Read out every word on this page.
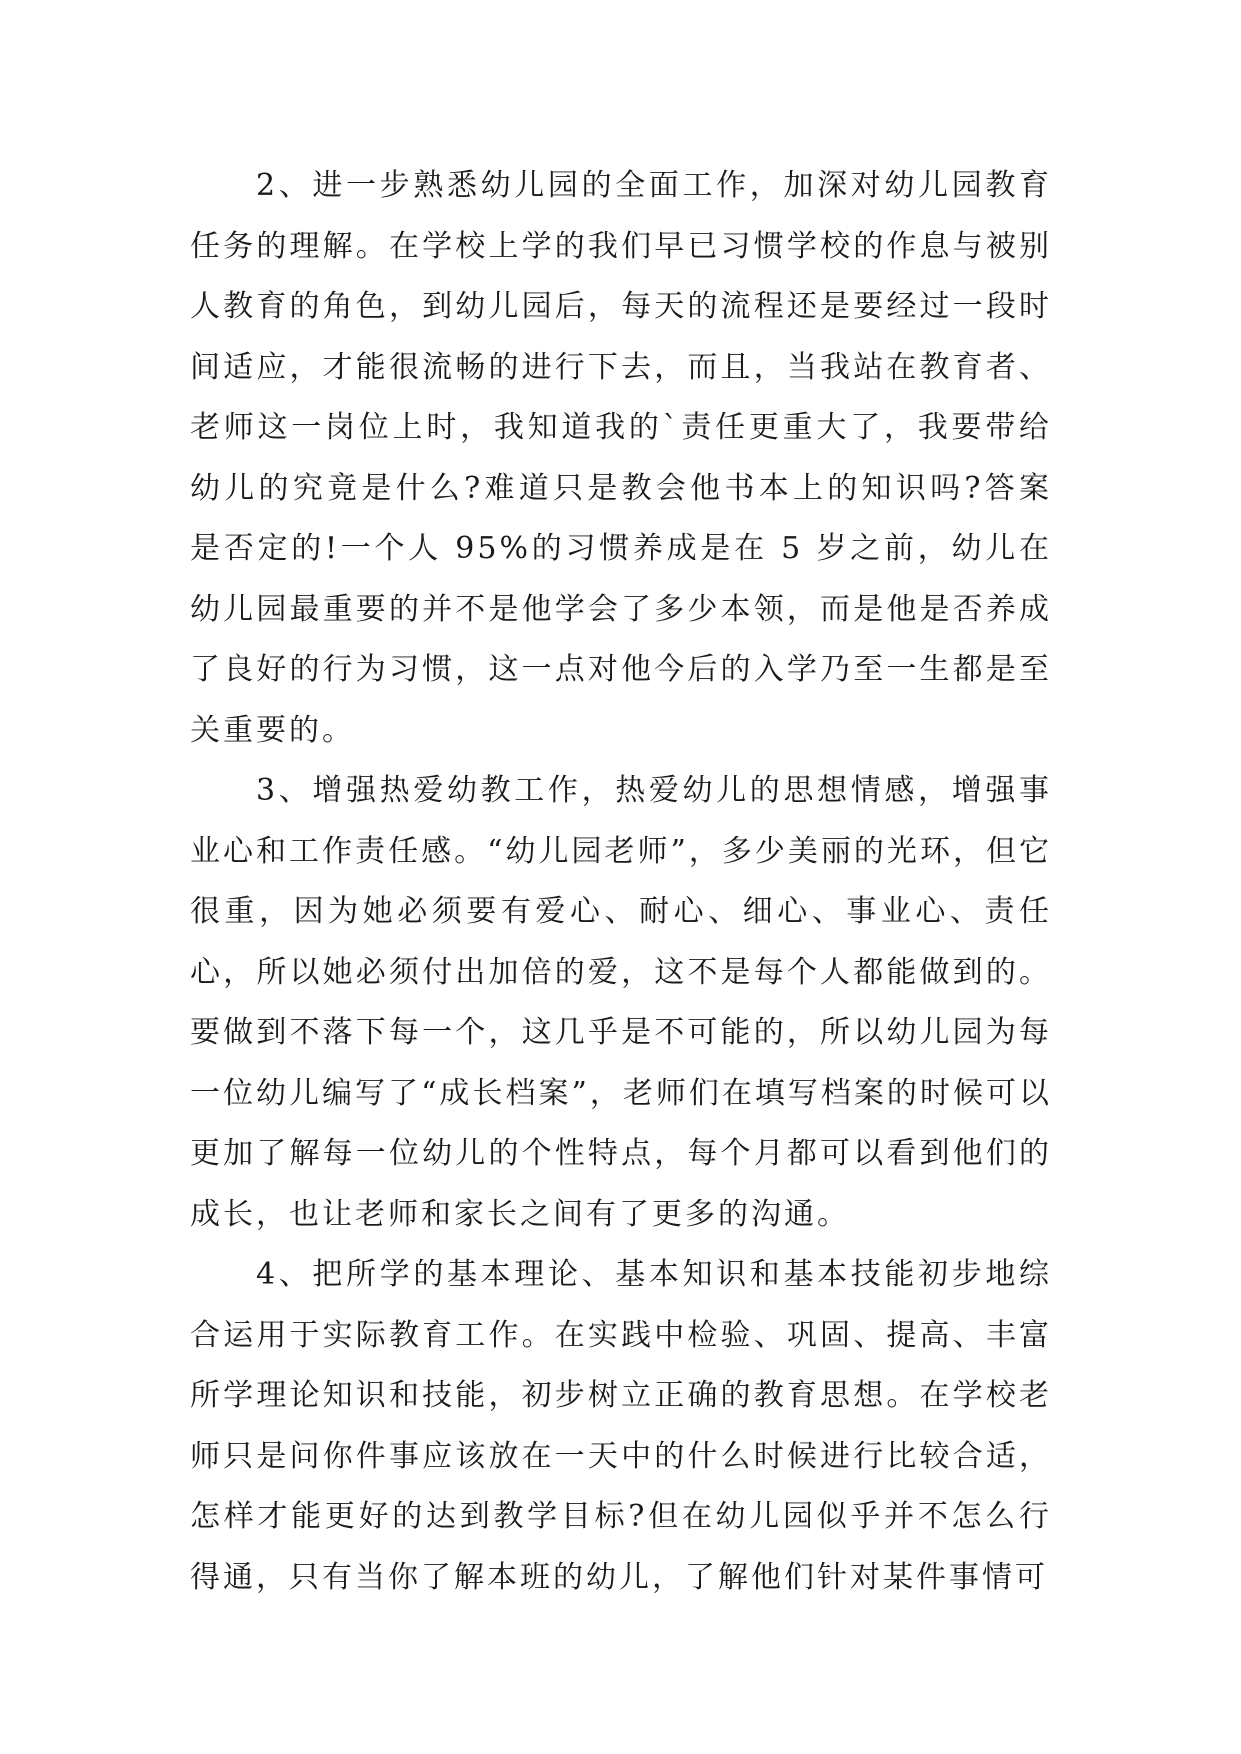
2、进一步熟悉幼儿园的全面工作，加深对幼儿园教育任务的理解。在学校上学的我们早已习惯学校的作息与被别人教育的角色，到幼儿园后，每天的流程还是要经过一段时间适应，才能很流畅的进行下去，而且，当我站在教育者、老师这一岗位上时，我知道我的`责任更重大了，我要带给幼儿的究竟是什么?难道只是教会他书本上的知识吗?答案是否定的!一个人 95%的习惯养成是在 5 岁之前，幼儿在幼儿园最重要的并不是他学会了多少本领，而是他是否养成了良好的行为习惯，这一点对他今后的入学乃至一生都是至关重要的。

3、增强热爱幼教工作，热爱幼儿的思想情感，增强事业心和工作责任感。“幼儿园老师”，多少美丽的光环，但它很重，因为她必须要有爱心、耐心、细心、事业心、责任心，所以她必须付出加倍的爱，这不是每个人都能做到的。要做到不落下每一个，这几乎是不可能的，所以幼儿园为每一位幼儿编写了“成长档案”，老师们在填写档案的时候可以更加了解每一位幼儿的个性特点，每个月都可以看到他们的成长，也让老师和家长之间有了更多的沟通。

4、把所学的基本理论、基本知识和基本技能初步地综合运用于实际教育工作。在实践中检验、巩固、提高、丰富所学理论知识和技能，初步树立正确的教育思想。在学校老师只是问你件事应该放在一天中的什么时候进行比较合适，怎样才能更好的达到教学目标?但在幼儿园似乎并不怎么行得通，只有当你了解本班的幼儿，了解他们针对某件事情可
